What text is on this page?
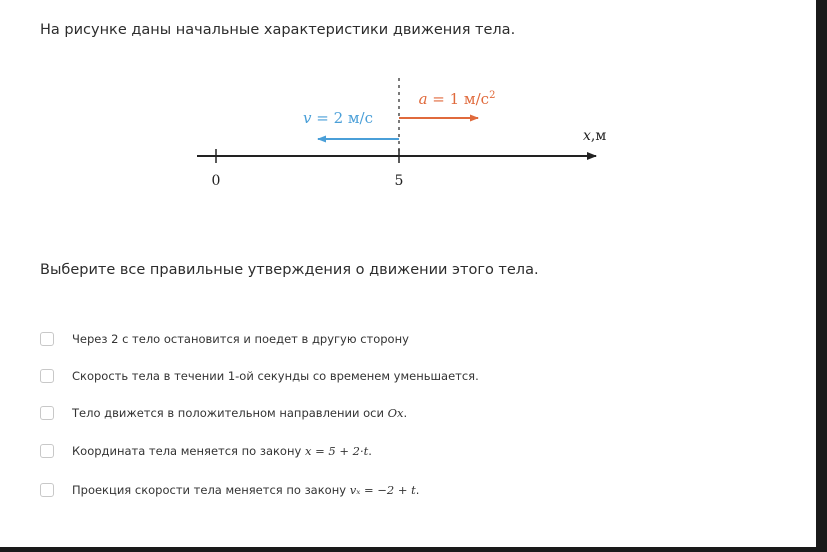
На рисунке даны начальные характеристики движения тела.
0	5
x,м
v = 2 м/с
a = 1 $м/с^2$
Выберите все правильные утверждения о движении этого тела.
Через 2 с тело остановится и поедет в другую сторону
Скорость тела в течении 1-ой секунды со временем уменьшается.
Тело движется в положительном направлении оси Ox.
Координата тела меняется по закону x = 5 + 2·t.
Проекция скорости тела меняется по закону vₓ = −2 + t.
